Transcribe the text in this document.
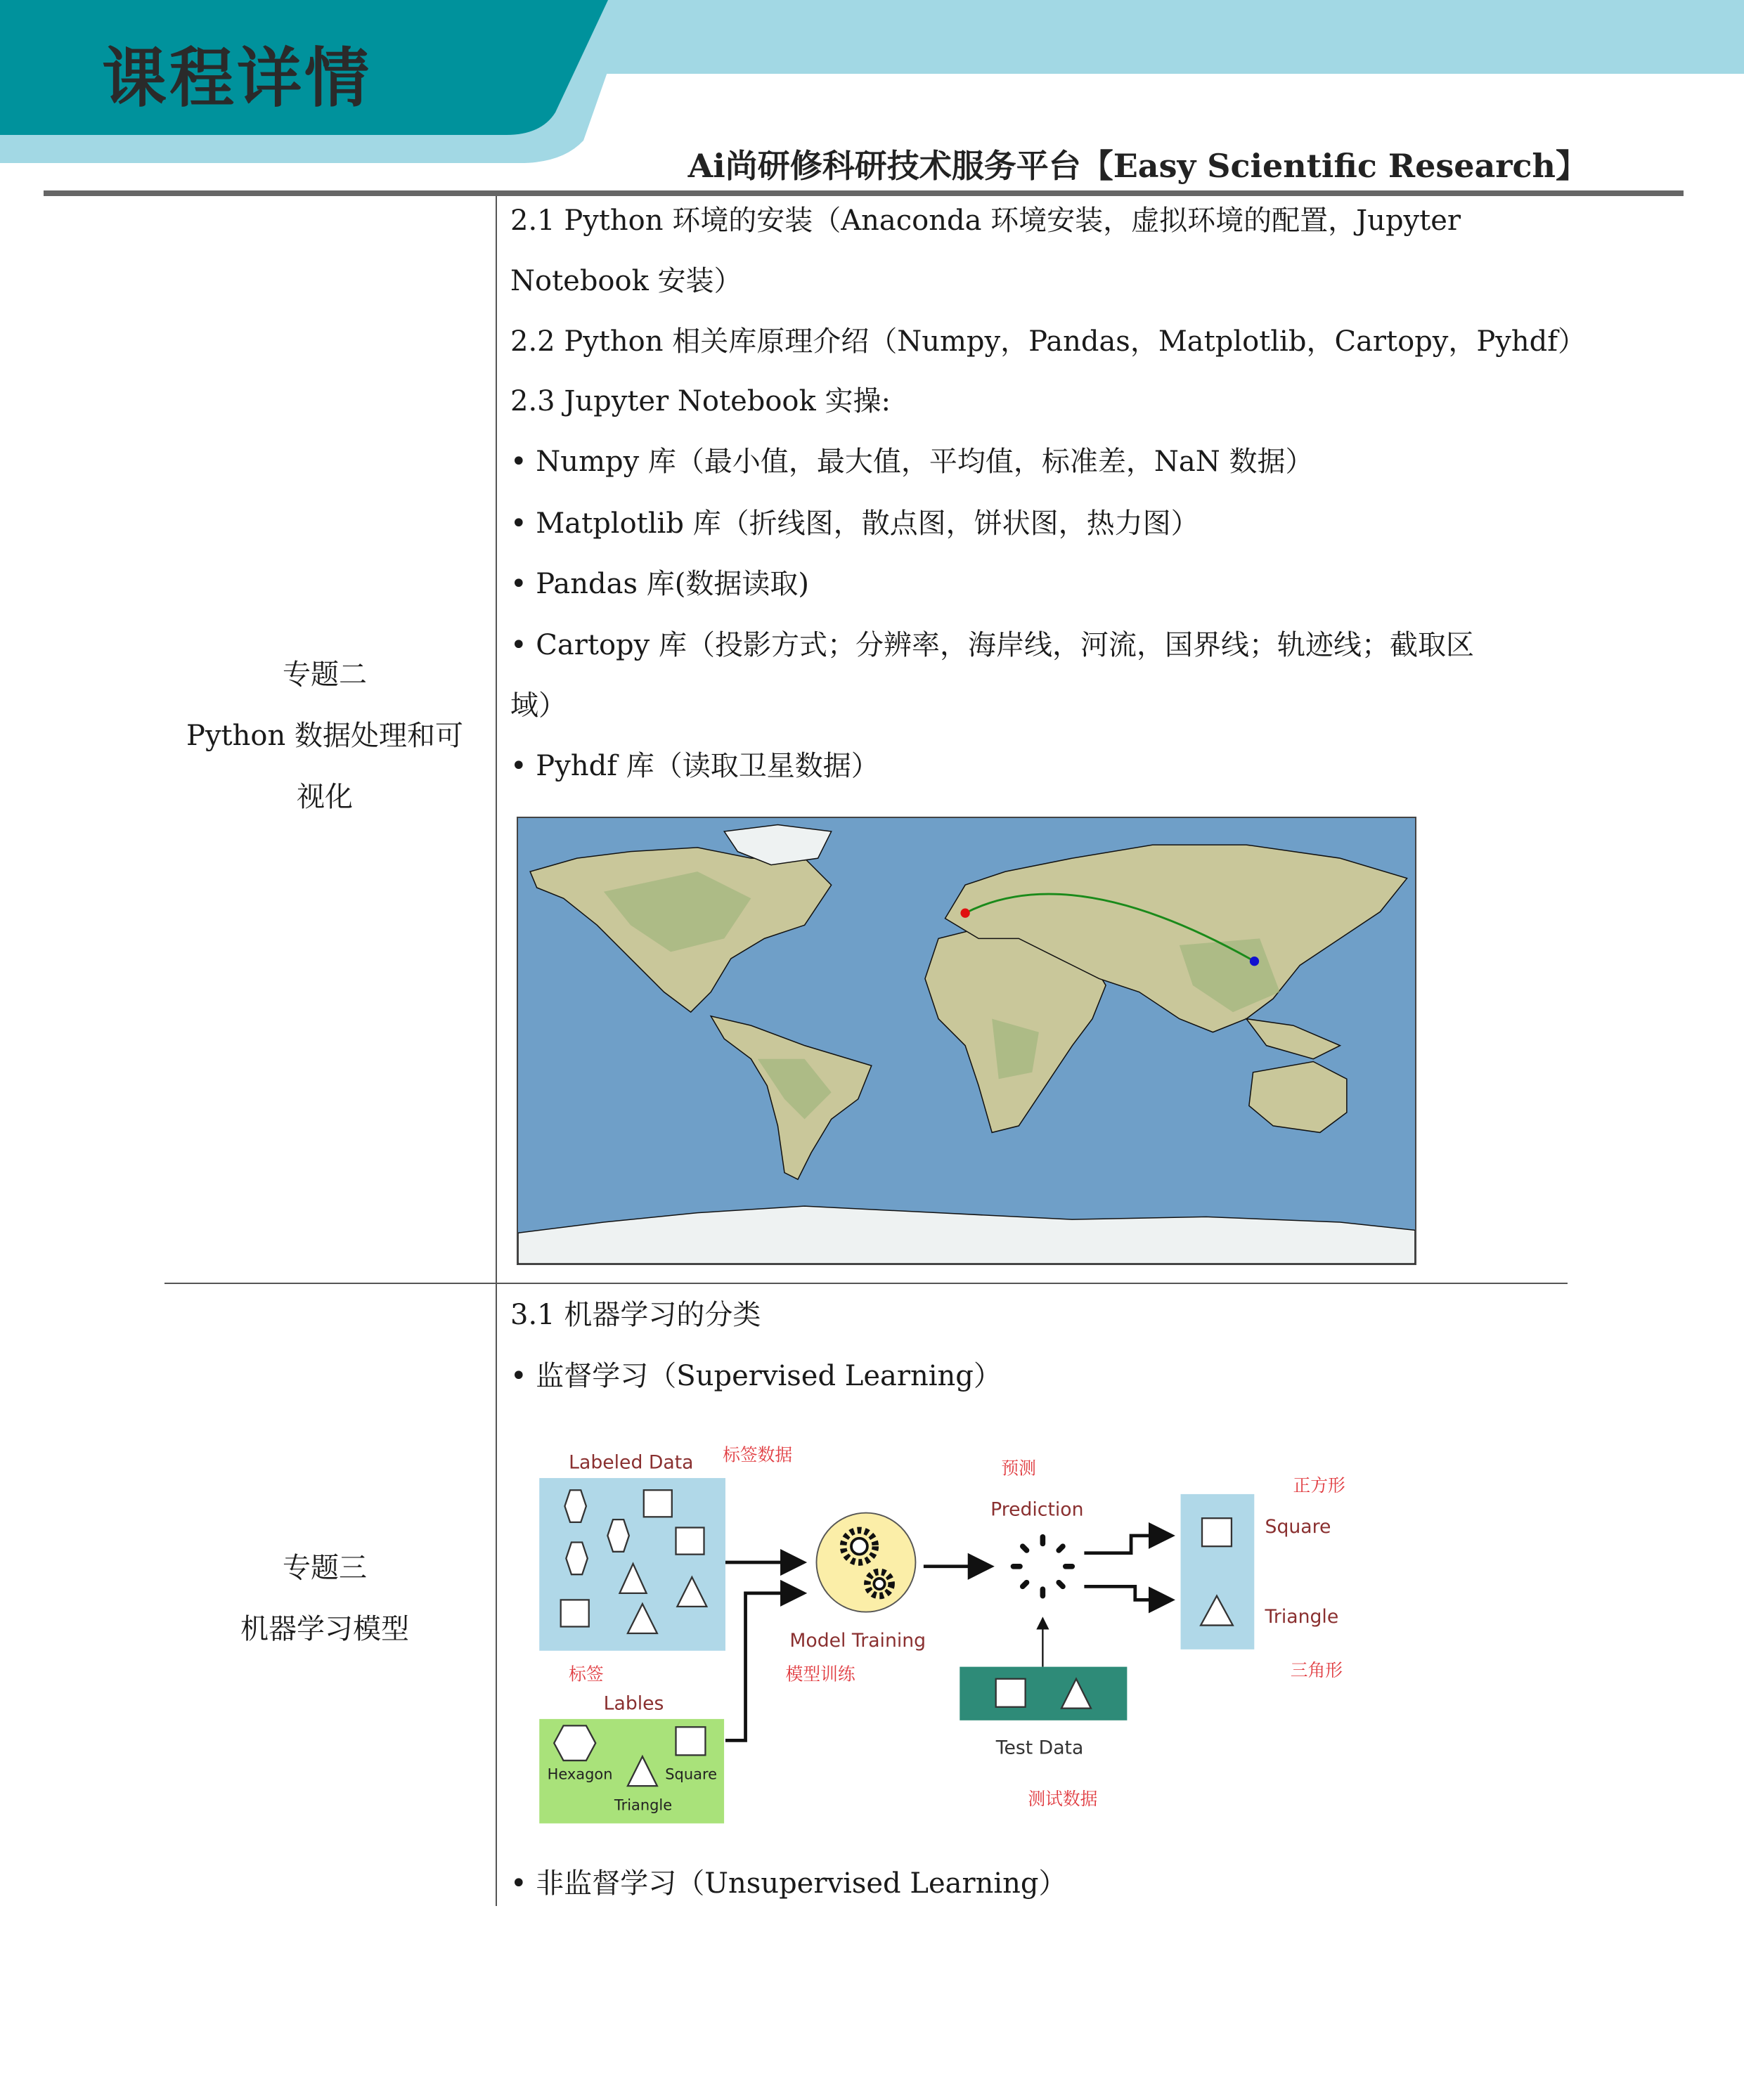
课程详情
Ai尚研修科研技术服务平台【Easy Scientific Research】
专题二
Python 数据处理和可
视化
2.1 Python 环境的安装（Anaconda 环境安装，虚拟环境的配置，Jupyter
Notebook 安装）
2.2 Python 相关库原理介绍（Numpy，Pandas，Matplotlib，Cartopy，Pyhdf）
2.3 Jupyter Notebook 实操:
• Numpy 库（最小值，最大值，平均值，标准差，NaN 数据）
• Matplotlib 库（折线图，散点图，饼状图，热力图）
• Pandas 库(数据读取)
• Cartopy 库（投影方式；分辨率，海岸线，河流，国界线；轨迹线；截取区
域）
• Pyhdf 库（读取卫星数据）
专题三
机器学习模型
3.1 机器学习的分类
• 监督学习（Supervised Learning）
• 非监督学习（Unsupervised Learning）
Labeled Data
Lables
Model Training
Prediction
Square
Triangle
Test Data
标签数据
标签	模型训练
预测
正方形
三角形
测试数据
Hexagon	Square
Triangle
